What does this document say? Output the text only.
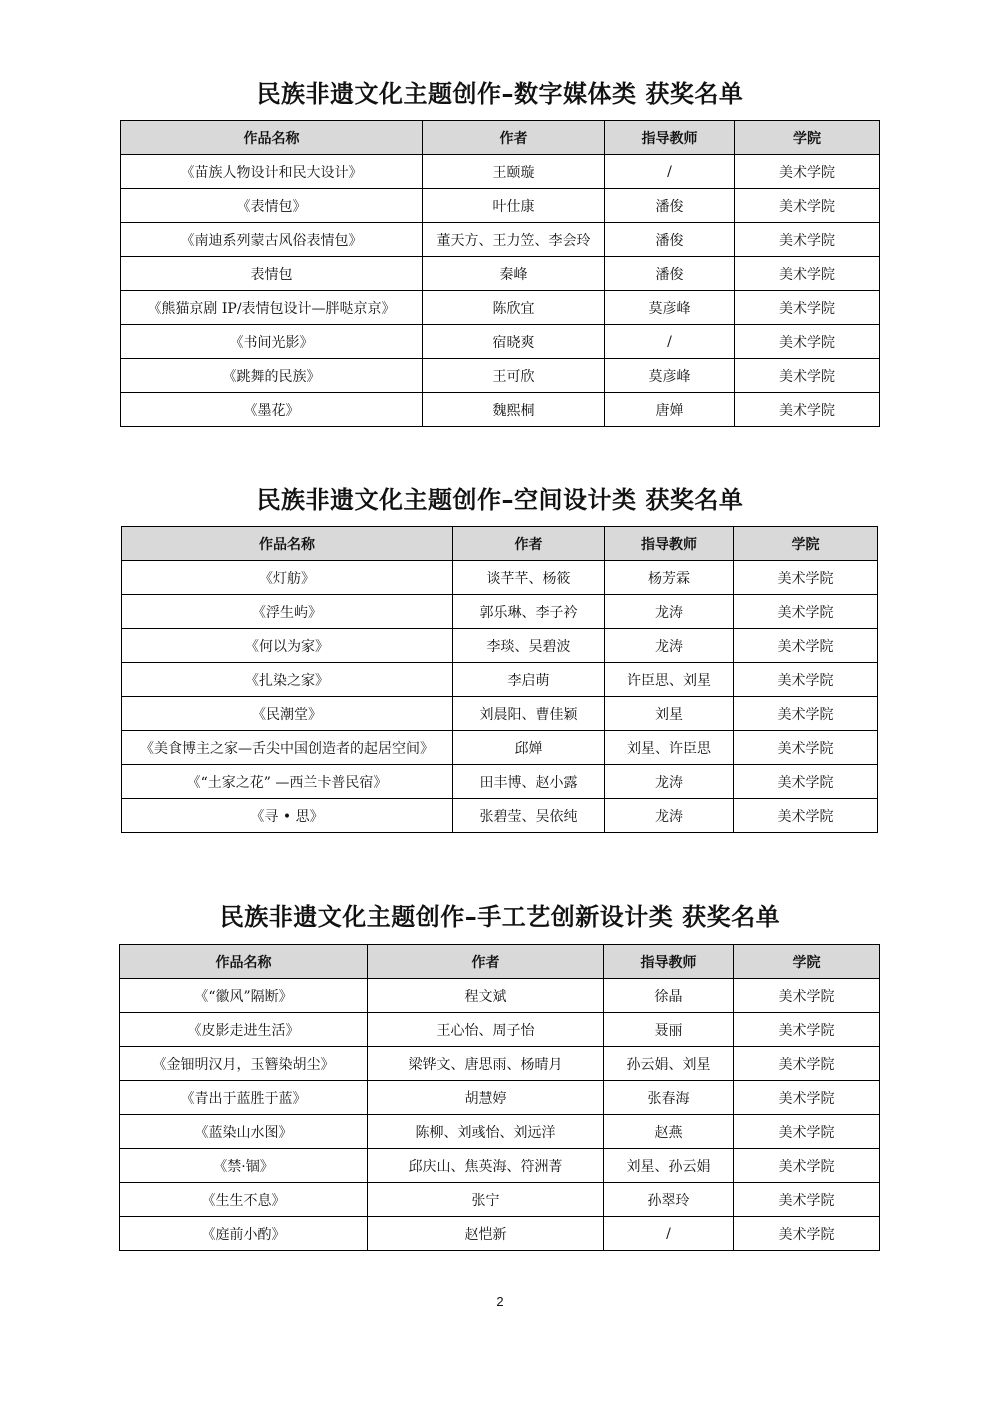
民族非遗文化主题创作–数字媒体类 获奖名单
作品名称	作者	指导教师	学院
《苗族人物设计和民大设计》	王颐璇	/	美术学院
《表情包》	叶仕康	潘俊	美术学院
《南迪系列蒙古风俗表情包》	董天方、王力笠、李会玲	潘俊	美术学院
表情包	秦峰	潘俊	美术学院
《熊猫京剧 IP/表情包设计—胖哒京京》	陈欣宜	莫彦峰	美术学院
《书间光影》	宿晓爽	/	美术学院
《跳舞的民族》	王可欣	莫彦峰	美术学院
《墨花》	魏熙桐	唐婵	美术学院
民族非遗文化主题创作–空间设计类 获奖名单
作品名称	作者	指导教师	学院
《灯舫》	谈芊芊、杨筱	杨芳霖	美术学院
《浮生屿》	郭乐琳、李子衿	龙涛	美术学院
《何以为家》	李琰、吴碧波	龙涛	美术学院
《扎染之家》	李启萌	许臣思、刘星	美术学院
《民潮堂》	刘晨阳、曹佳颖	刘星	美术学院
《美食博主之家—舌尖中国创造者的起居空间》	邱婵	刘星、许臣思	美术学院
《“土家之花” —西兰卡普民宿》	田丰博、赵小露	龙涛	美术学院
《寻 • 思》	张碧莹、吴依纯	龙涛	美术学院
民族非遗文化主题创作–手工艺创新设计类 获奖名单
作品名称	作者	指导教师	学院
《“徽风”隔断》	程文斌	徐晶	美术学院
《皮影走进生活》	王心怡、周子怡	聂丽	美术学院
《金钿明汉月，玉簪染胡尘》	梁铧文、唐思雨、杨晴月	孙云娟、刘星	美术学院
《青出于蓝胜于蓝》	胡慧婷	张春海	美术学院
《蓝染山水图》	陈柳、刘彧怡、刘远洋	赵燕	美术学院
《禁·锢》	邱庆山、焦英海、符洲菁	刘星、孙云娟	美术学院
《生生不息》	张宁	孙翠玲	美术学院
《庭前小酌》	赵恺新	/	美术学院
2
